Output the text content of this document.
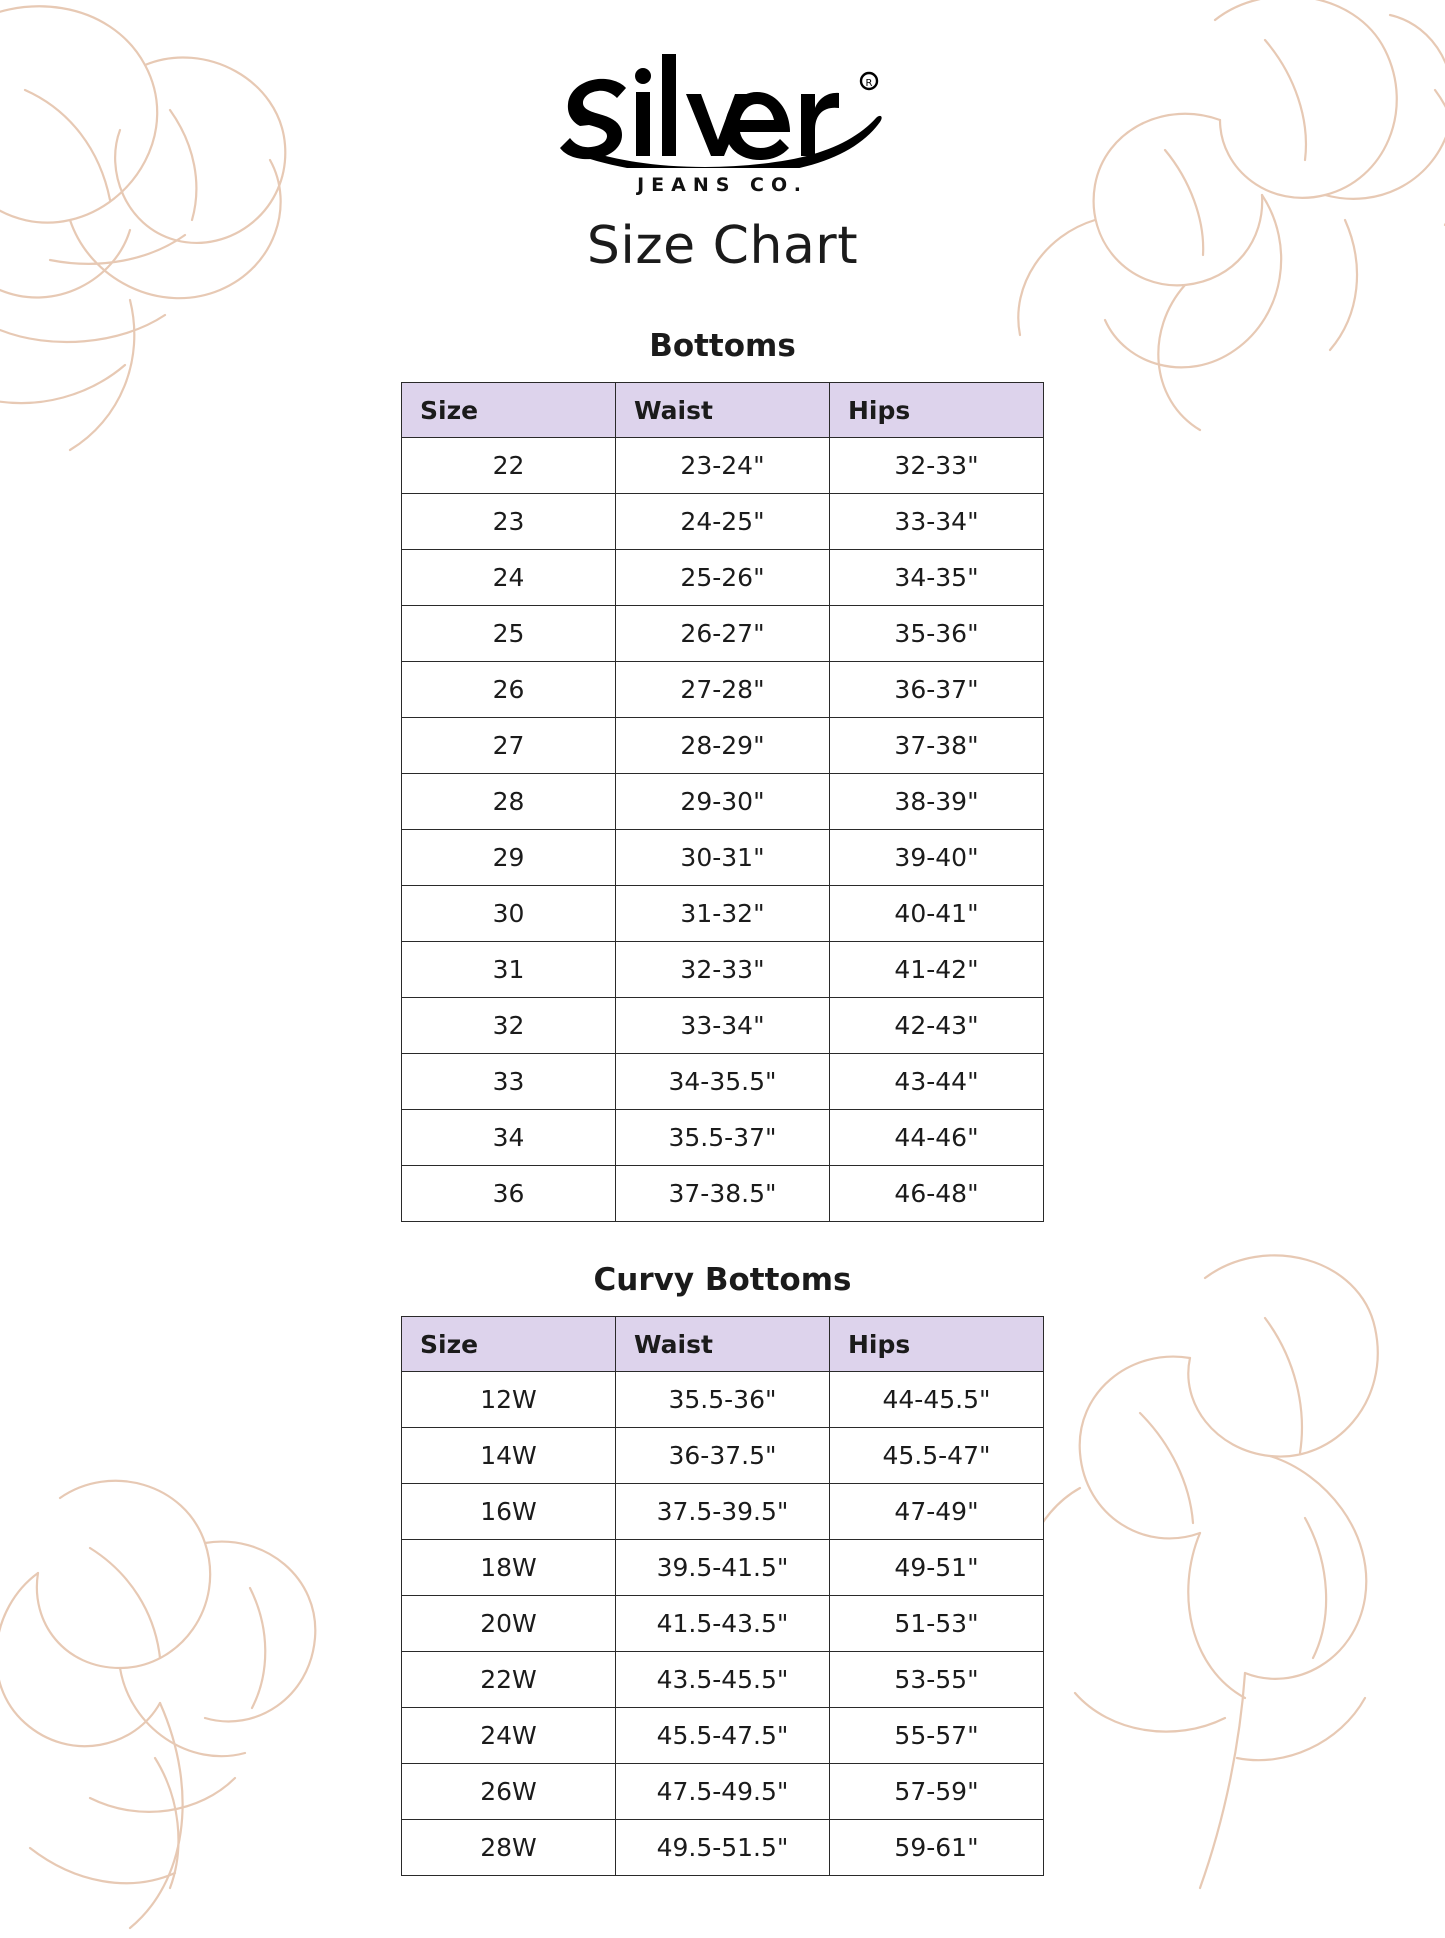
R
JEANS CO.
Size Chart
Bottoms
Size	Waist	Hips
22	23-24"	32-33"
23	24-25"	33-34"
24	25-26"	34-35"
25	26-27"	35-36"
26	27-28"	36-37"
27	28-29"	37-38"
28	29-30"	38-39"
29	30-31"	39-40"
30	31-32"	40-41"
31	32-33"	41-42"
32	33-34"	42-43"
33	34-35.5"	43-44"
34	35.5-37"	44-46"
36	37-38.5"	46-48"
Curvy Bottoms
Size	Waist	Hips
12W	35.5-36"	44-45.5"
14W	36-37.5"	45.5-47"
16W	37.5-39.5"	47-49"
18W	39.5-41.5"	49-51"
20W	41.5-43.5"	51-53"
22W	43.5-45.5"	53-55"
24W	45.5-47.5"	55-57"
26W	47.5-49.5"	57-59"
28W	49.5-51.5"	59-61"
